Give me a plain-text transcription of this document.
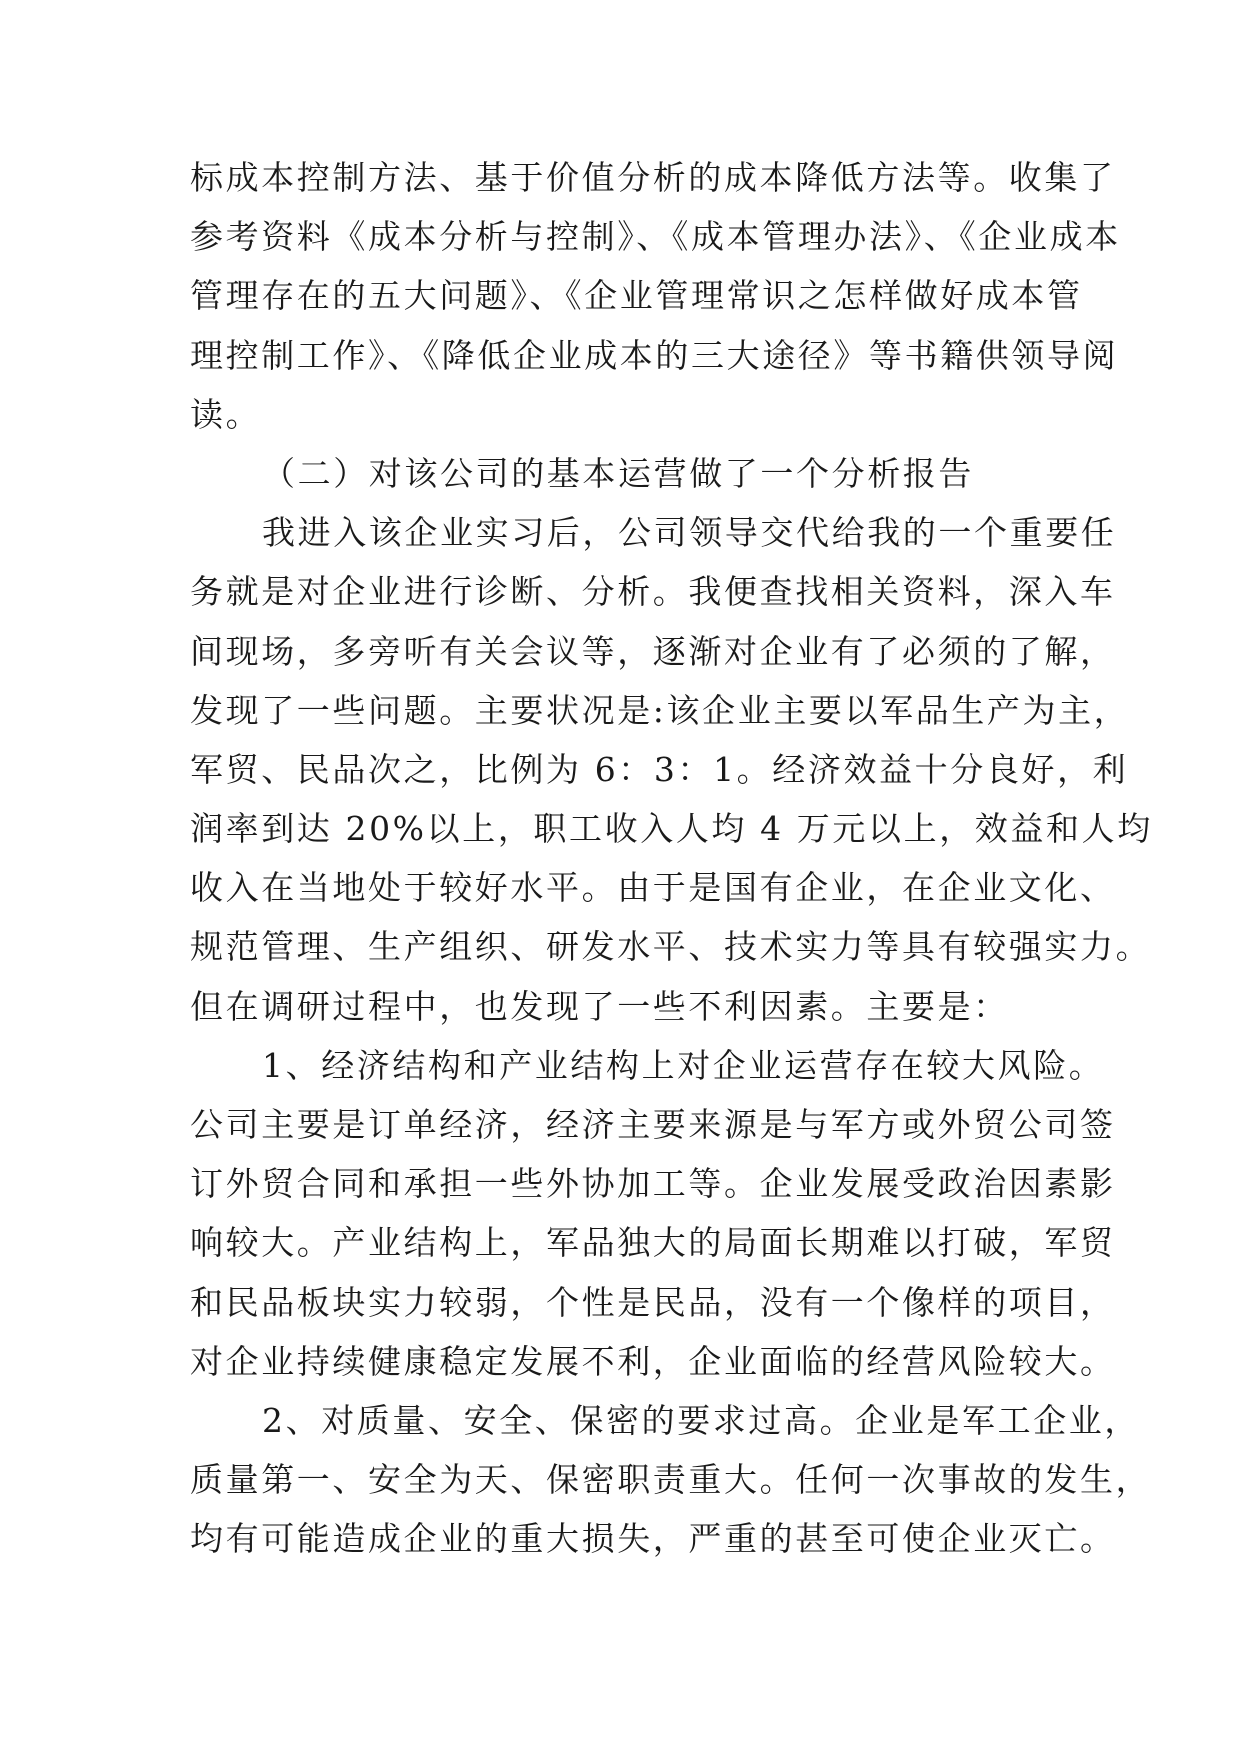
标成本控制方法、基于价值分析的成本降低方法等。收集了
参考资料《成本分析与控制》、《成本管理办法》、《企业成本
管理存在的五大问题》、《企业管理常识之怎样做好成本管
理控制工作》、《降低企业成本的三大途径》等书籍供领导阅
读。
（二）对该公司的基本运营做了一个分析报告
我进入该企业实习后，公司领导交代给我的一个重要任
务就是对企业进行诊断、分析。我便查找相关资料，深入车
间现场，多旁听有关会议等，逐渐对企业有了必须的了解，
发现了一些问题。主要状况是:该企业主要以军品生产为主，
军贸、民品次之，比例为 6：3：1。经济效益十分良好，利
润率到达 20%以上，职工收入人均 4 万元以上，效益和人均
收入在当地处于较好水平。由于是国有企业，在企业文化、
规范管理、生产组织、研发水平、技术实力等具有较强实力。
但在调研过程中，也发现了一些不利因素。主要是：
1、经济结构和产业结构上对企业运营存在较大风险。
公司主要是订单经济，经济主要来源是与军方或外贸公司签
订外贸合同和承担一些外协加工等。企业发展受政治因素影
响较大。产业结构上，军品独大的局面长期难以打破，军贸
和民品板块实力较弱，个性是民品，没有一个像样的项目，
对企业持续健康稳定发展不利，企业面临的经营风险较大。
2、对质量、安全、保密的要求过高。企业是军工企业，
质量第一、安全为天、保密职责重大。任何一次事故的发生，
均有可能造成企业的重大损失，严重的甚至可使企业灭亡。
